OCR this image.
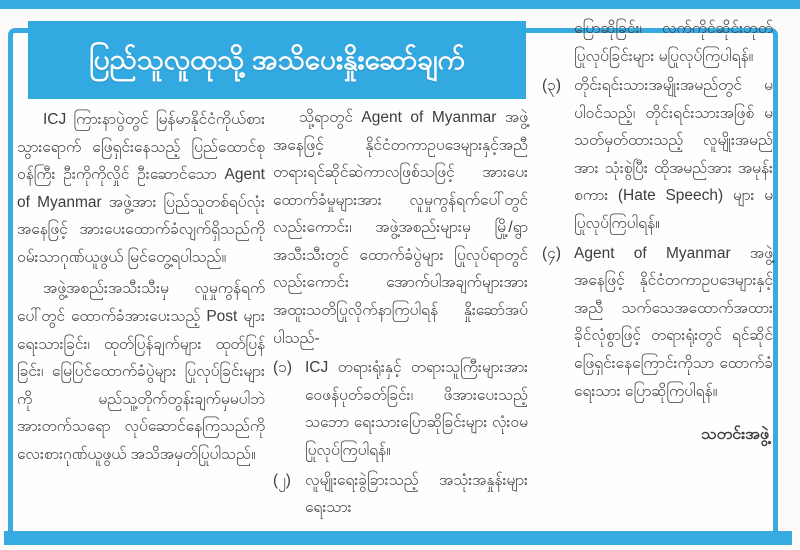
ပြည်သူလူထုသို့ အသိပေးနှိုးဆော်ချက်

ICJ ကြားနာပွဲတွင် မြန်မာနိုင်ငံကိုယ်စား သွားရောက် ဖြေရှင်းနေသည့် ပြည်ထောင်စုဝန်ကြီး ဦးကိုကိုလှိုင် ဦးဆောင်သော Agent of Myanmar အဖွဲ့အား ပြည်သူတစ်ရပ်လုံးအနေဖြင့် အားပေးထောက်ခံလျက်ရှိသည်ကို ဝမ်းသာဂုဏ်ယူဖွယ် မြင်တွေ့ရပါသည်။

အဖွဲ့အစည်းအသီးသီးမှ လူမှုကွန်ရက်ပေါ်တွင် ထောက်ခံအားပေးသည့် Post များ ရေးသားခြင်း၊ ထုတ်ပြန်ချက်များ ထုတ်ပြန်ခြင်း၊ မြေပြင်ထောက်ခံပွဲများ ပြုလုပ်ခြင်းများကို မည်သူ့တိုက်တွန်းချက်မှမပါဘဲ အားတက်သရော လုပ်ဆောင်နေကြသည်ကို လေးစားဂုဏ်ယူဖွယ် အသိအမှတ်ပြုပါသည်။

သို့ရာတွင် Agent of Myanmar အဖွဲ့အနေဖြင့် နိုင်ငံတကာဥပဒေများနှင့်အညီ တရားရင်ဆိုင်ဆဲကာလဖြစ်သဖြင့် အားပေးထောက်ခံမှုများအား လူမှုကွန်ရက်ပေါ်တွင်လည်းကောင်း၊ အဖွဲ့အစည်းများမှ မြို့/ရွာအသီးသီးတွင် ထောက်ခံပွဲများ ပြုလုပ်ရာတွင်လည်းကောင်း အောက်ပါအချက်များအား အထူးသတိပြုလိုက်နာကြပါရန် နှိုးဆော်အပ်ပါသည်-

(၁) ICJ တရားရုံးနှင့် တရားသူကြီးများအား ဝေဖန်ပုတ်ခတ်ခြင်း၊ ဖိအားပေးသည့်သဘော ရေးသားပြောဆိုခြင်းများ လုံးဝမပြုလုပ်ကြပါရန်။
(၂) လူမျိုးရေးခွဲခြားသည့် အသုံးအနှုန်းများ ရေးသား
ပြောဆိုခြင်း၊ လက်ကိုင်ဆိုင်းဘုတ် ပြုလုပ်ခြင်းများ မပြုလုပ်ကြပါရန်။
(၃) တိုင်းရင်းသားအမျိုးအမည်တွင် မပါဝင်သည့်၊ တိုင်းရင်းသားအဖြစ် မသတ်မှတ်ထားသည့် လူမျိုးအမည်အား သုံးစွဲပြီး ထိုအမည်အား အမုန်းစကား (Hate Speech) များ မပြုလုပ်ကြပါရန်။
(၄) Agent of Myanmar အဖွဲ့အနေဖြင့် နိုင်ငံတကာဥပဒေများနှင့်အညီ သက်သေအထောက်အထား ခိုင်လုံစွာဖြင့် တရားရုံးတွင် ရင်ဆိုင်ဖြေရှင်းနေကြောင်းကိုသာ ထောက်ခံရေးသား ပြောဆိုကြပါရန်။
သတင်းအဖွဲ့
